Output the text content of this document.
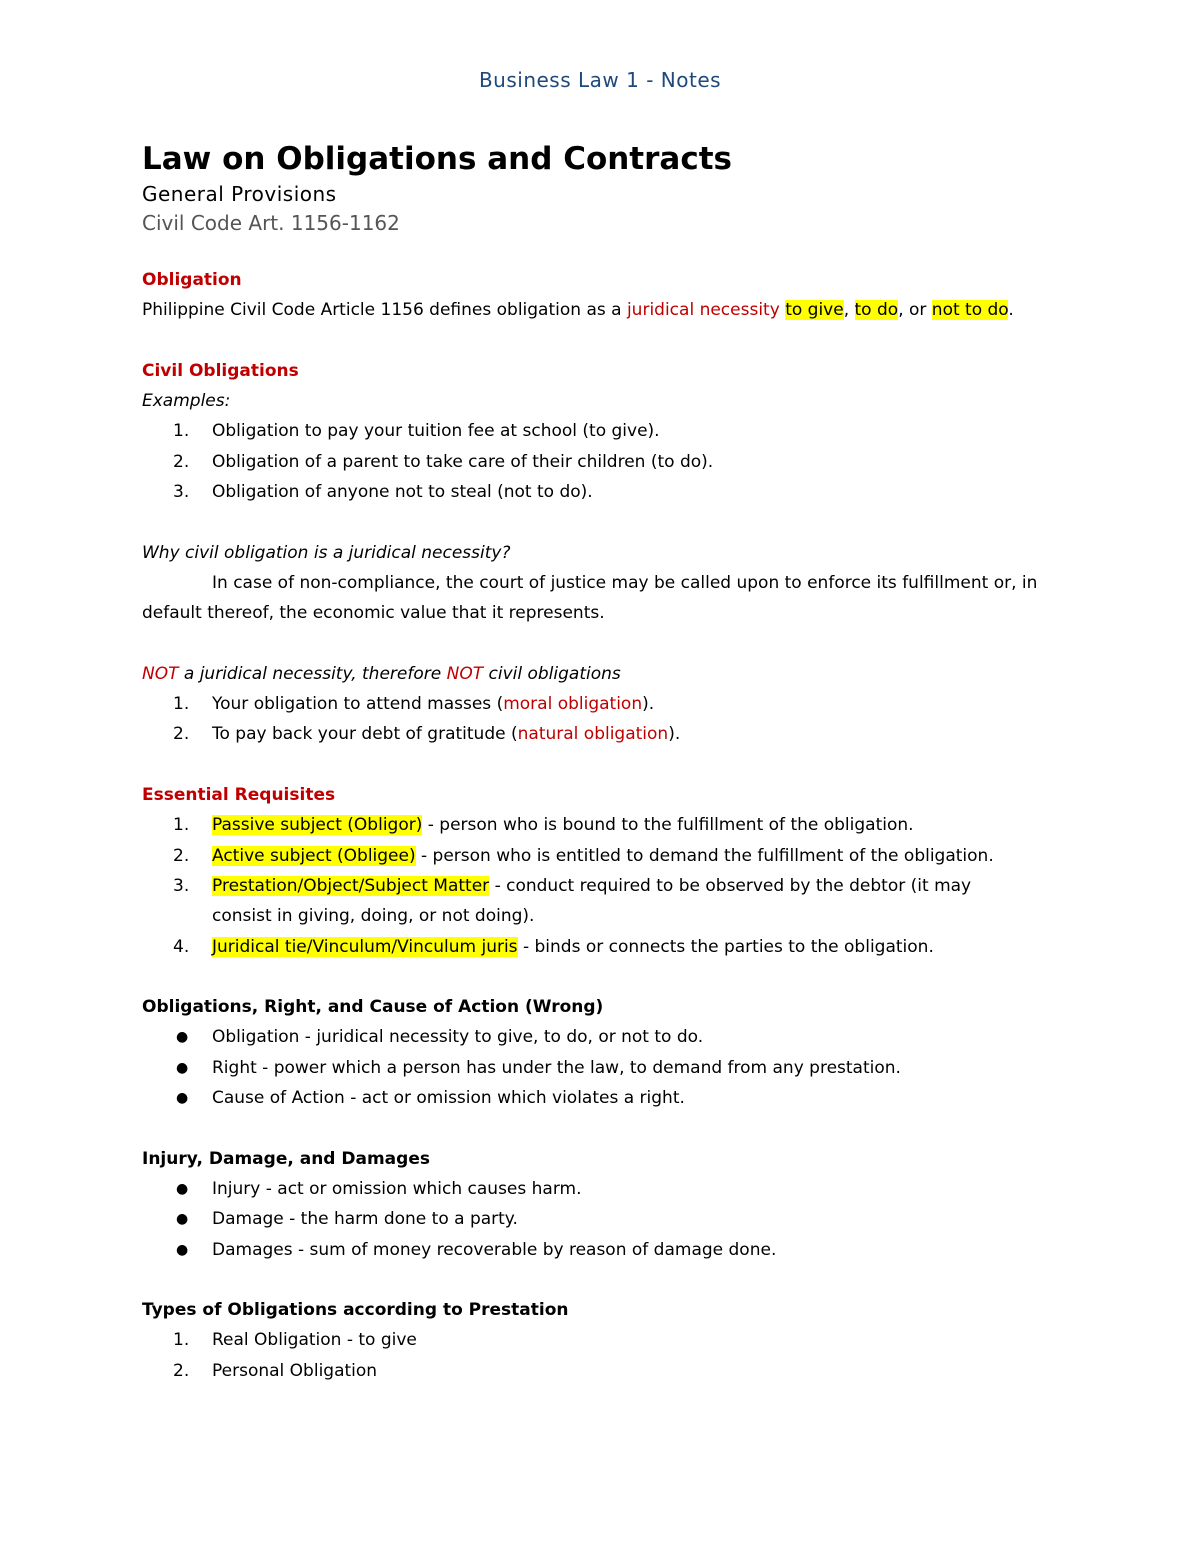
Business Law 1 - Notes
Law on Obligations and Contracts
General Provisions
Civil Code Art. 1156-1162
Obligation
Philippine Civil Code Article 1156 defines obligation as a juridical necessity to give, to do, or not to do.
Civil Obligations
Examples:
1. Obligation to pay your tuition fee at school (to give).
2. Obligation of a parent to take care of their children (to do).
3. Obligation of anyone not to steal (not to do).
Why civil obligation is a juridical necessity?
In case of non-compliance, the court of justice may be called upon to enforce its fulfillment or, in
default thereof, the economic value that it represents.
NOT a juridical necessity, therefore NOT civil obligations
1. Your obligation to attend masses (moral obligation).
2. To pay back your debt of gratitude (natural obligation).
Essential Requisites
1. Passive subject (Obligor) - person who is bound to the fulfillment of the obligation.
2. Active subject (Obligee) - person who is entitled to demand the fulfillment of the obligation.
3. Prestation/Object/Subject Matter - conduct required to be observed by the debtor (it may
consist in giving, doing, or not doing).
4. Juridical tie/Vinculum/Vinculum juris - binds or connects the parties to the obligation.
Obligations, Right, and Cause of Action (Wrong)
● Obligation - juridical necessity to give, to do, or not to do.
● Right - power which a person has under the law, to demand from any prestation.
● Cause of Action - act or omission which violates a right.
Injury, Damage, and Damages
● Injury - act or omission which causes harm.
● Damage - the harm done to a party.
● Damages - sum of money recoverable by reason of damage done.
Types of Obligations according to Prestation
1. Real Obligation - to give
2. Personal Obligation
